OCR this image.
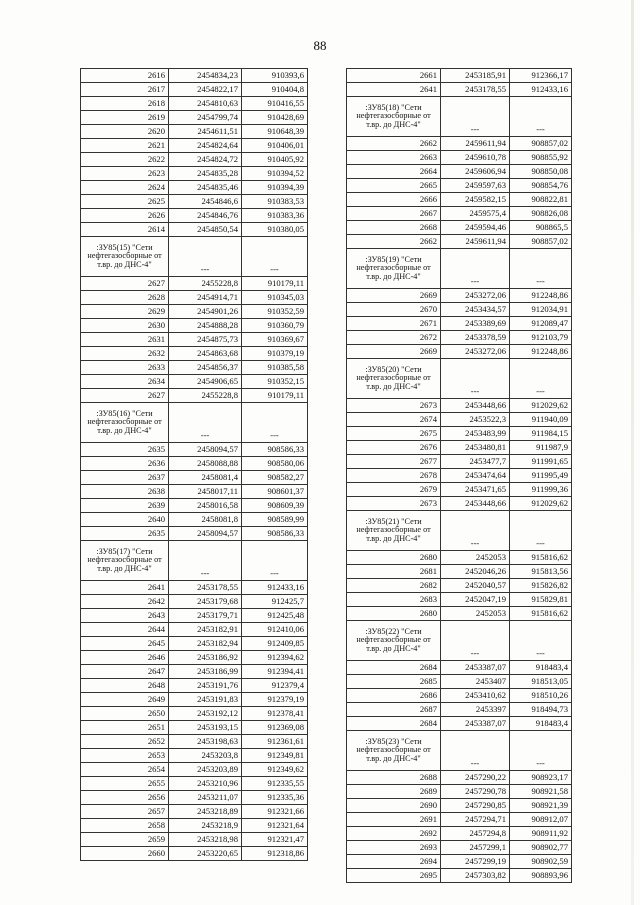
88
2616	2454834,23	910393,6
2617	2454822,17	910404,8
2618	2454810,63	910416,55
2619	2454799,74	910428,69
2620	2454611,51	910648,39
2621	2454824,64	910406,01
2622	2454824,72	910405,92
2623	2454835,28	910394,52
2624	2454835,46	910394,39
2625	2454846,6	910383,53
2626	2454846,76	910383,36
2614	2454850,54	910380,05
:ЗУ85(15) "Сети нефтегазосборные от т.вр. до ДНС-4"	---	---
2627	2455228,8	910179,11
2628	2454914,71	910345,03
2629	2454901,26	910352,59
2630	2454888,28	910360,79
2631	2454875,73	910369,67
2632	2454863,68	910379,19
2633	2454856,37	910385,58
2634	2454906,65	910352,15
2627	2455228,8	910179,11
:ЗУ85(16) "Сети нефтегазосборные от т.вр. до ДНС-4"	---	---
2635	2458094,57	908586,33
2636	2458088,88	908580,06
2637	2458081,4	908582,27
2638	2458017,11	908601,37
2639	2458016,58	908609,39
2640	2458081,8	908589,99
2635	2458094,57	908586,33
:ЗУ85(17) "Сети нефтегазосборные от т.вр. до ДНС-4"	---	---
2641	2453178,55	912433,16
2642	2453179,68	912425,7
2643	2453179,71	912425,48
2644	2453182,91	912410,06
2645	2453182,94	912409,85
2646	2453186,92	912394,62
2647	2453186,99	912394,41
2648	2453191,76	912379,4
2649	2453191,83	912379,19
2650	2453192,12	912378,41
2651	2453193,15	912369,08
2652	2453198,63	912361,61
2653	2453203,8	912349,81
2654	2453203,89	912349,62
2655	2453210,96	912335,55
2656	2453211,07	912335,36
2657	2453218,89	912321,66
2658	2453218,9	912321,64
2659	2453218,98	912321,47
2660	2453220,65	912318,86
2661	2453185,91	912366,17
2641	2453178,55	912433,16
:ЗУ85(18) "Сети нефтегазосборные от т.вр. до ДНС-4"	---	---
2662	2459611,94	908857,02
2663	2459610,78	908855,92
2664	2459606,94	908850,08
2665	2459597,63	908854,76
2666	2459582,15	908822,81
2667	2459575,4	908826,08
2668	2459594,46	908865,5
2662	2459611,94	908857,02
:ЗУ85(19) "Сети нефтегазосборные от т.вр. до ДНС-4"	---	---
2669	2453272,06	912248,86
2670	2453434,57	912034,91
2671	2453389,69	912089,47
2672	2453378,59	912103,79
2669	2453272,06	912248,86
:ЗУ85(20) "Сети нефтегазосборные от т.вр. до ДНС-4"	---	---
2673	2453448,66	912029,62
2674	2453522,3	911940,09
2675	2453483,99	911984,15
2676	2453480,81	911987,9
2677	2453477,7	911991,65
2678	2453474,64	911995,49
2679	2453471,65	911999,36
2673	2453448,66	912029,62
:ЗУ85(21) "Сети нефтегазосборные от т.вр. до ДНС-4"	---	---
2680	2452053	915816,62
2681	2452046,26	915813,56
2682	2452040,57	915826,82
2683	2452047,19	915829,81
2680	2452053	915816,62
:ЗУ85(22) "Сети нефтегазосборные от т.вр. до ДНС-4"	---	---
2684	2453387,07	918483,4
2685	2453407	918513,05
2686	2453410,62	918510,26
2687	2453397	918494,73
2684	2453387,07	918483,4
:ЗУ85(23) "Сети нефтегазосборные от т.вр. до ДНС-4"	---	---
2688	2457290,22	908923,17
2689	2457290,78	908921,58
2690	2457290,85	908921,39
2691	2457294,71	908912,07
2692	2457294,8	908911,92
2693	2457299,1	908902,77
2694	2457299,19	908902,59
2695	2457303,82	908893,96
